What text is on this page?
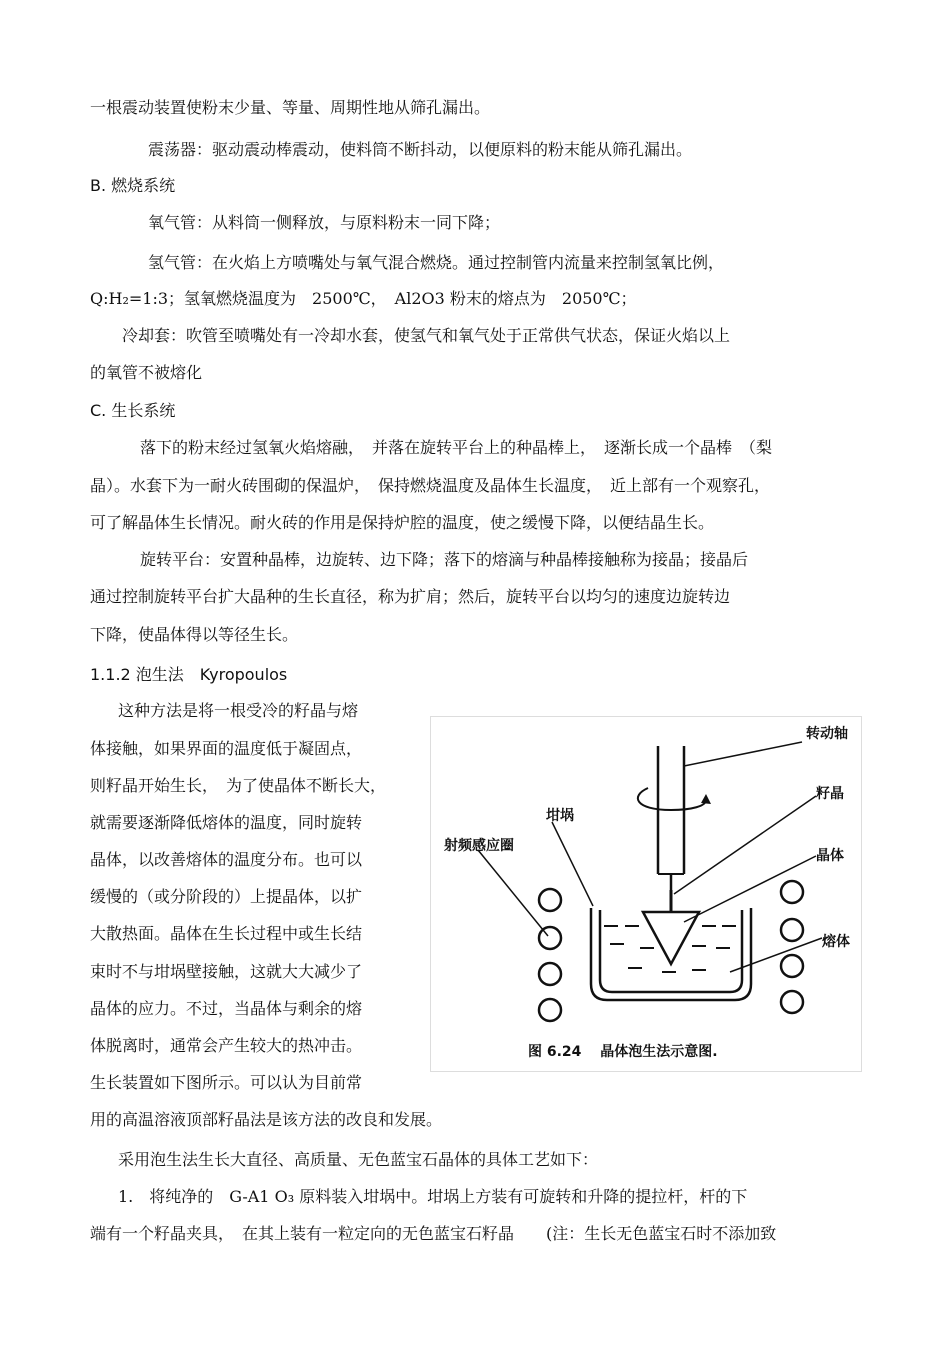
一根震动装置使粉末少量、等量、周期性地从筛孔漏出。
震荡器：驱动震动棒震动，使料筒不断抖动，以便原料的粉末能从筛孔漏出。
B. 燃烧系统
氧气管：从料筒一侧释放，与原料粉末一同下降；
氢气管：在火焰上方喷嘴处与氧气混合燃烧。通过控制管内流量来控制氢氧比例，
Q:H₂=1:3；氢氧燃烧温度为　2500℃，　Al2O3 粉末的熔点为　2050℃；
冷却套：吹管至喷嘴处有一冷却水套，使氢气和氧气处于正常供气状态，保证火焰以上
的氧管不被熔化
C. 生长系统
落下的粉末经过氢氧火焰熔融，　并落在旋转平台上的种晶棒上，　逐渐长成一个晶棒　（梨
晶）。水套下为一耐火砖围砌的保温炉，　保持燃烧温度及晶体生长温度，　近上部有一个观察孔，
可了解晶体生长情况。耐火砖的作用是保持炉腔的温度，使之缓慢下降，以便结晶生长。
旋转平台：安置种晶棒，边旋转、边下降；落下的熔滴与种晶棒接触称为接晶；接晶后
通过控制旋转平台扩大晶种的生长直径，称为扩肩；然后，旋转平台以均匀的速度边旋转边
下降，使晶体得以等径生长。
1.1.2 泡生法　Kyropoulos
这种方法是将一根受冷的籽晶与熔
体接触，如果界面的温度低于凝固点，
则籽晶开始生长，　为了使晶体不断长大，
就需要逐渐降低熔体的温度，同时旋转
晶体，以改善熔体的温度分布。也可以
缓慢的（或分阶段的）上提晶体，以扩
大散热面。晶体在生长过程中或生长结
束时不与坩埚壁接触，这就大大减少了
晶体的应力。不过，当晶体与剩余的熔
体脱离时，通常会产生较大的热冲击。
生长装置如下图所示。可以认为目前常
用的高温溶液顶部籽晶法是该方法的改良和发展。
采用泡生法生长大直径、高质量、无色蓝宝石晶体的具体工艺如下：
1.　将纯净的　G-A1 O₃ 原料装入坩埚中。坩埚上方装有可旋转和升降的提拉杆，杆的下
端有一个籽晶夹具，　在其上装有一粒定向的无色蓝宝石籽晶　　(注：生长无色蓝宝石时不添加致
转动轴
籽晶
坩埚
射频感应圈
晶体
熔体
图 6.24　 晶体泡生法示意图.
